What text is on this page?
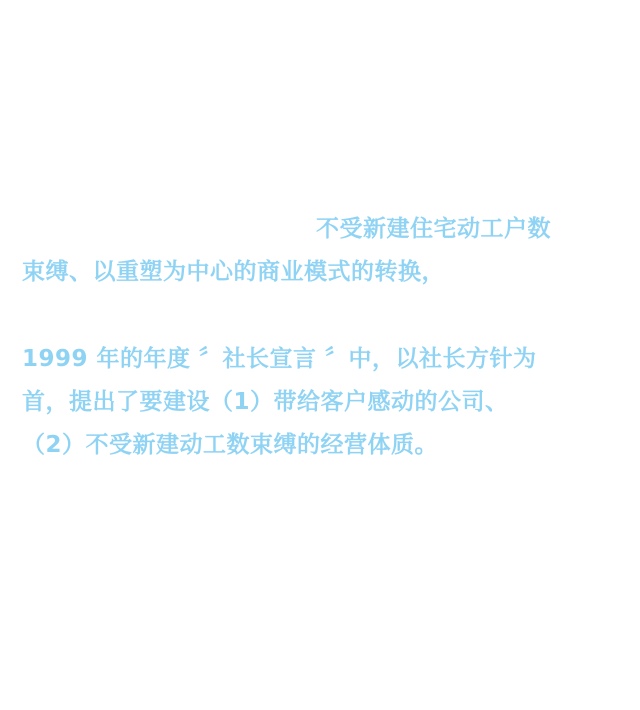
不受新建住宅动工户数
束缚、以重塑为中心的商业模式的转换，
1999 年的年度 〞社长宣言 〞中，以社长方针为
首，提出了要建设（1）带给客户感动的公司、
（2）不受新建动工数束缚的经营体质。
